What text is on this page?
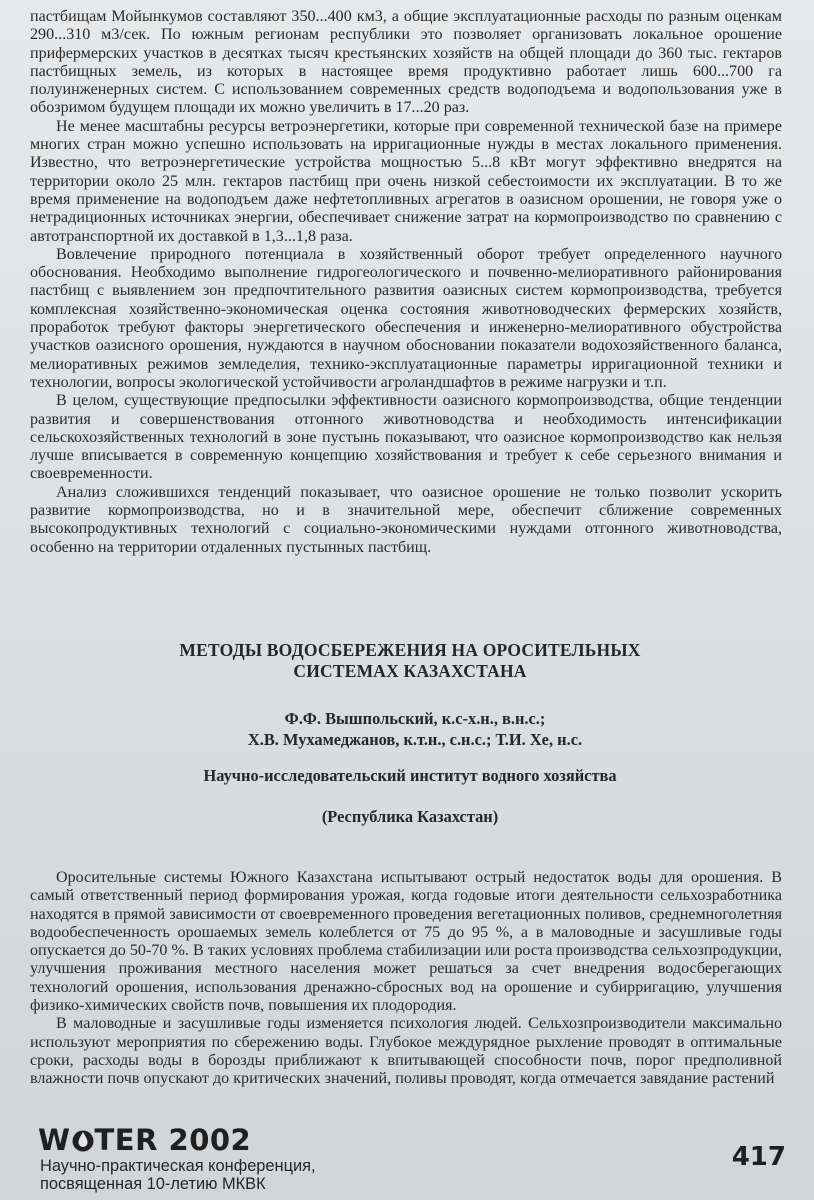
пастбищам Мойынкумов составляют 350...400 км3, а общие эксплуатационные расходы по разным оценкам 290...310 м3/сек. По южным регионам республики это позволяет организовать локальное орошение прифермерских участков в десятках тысяч крестьянских хозяйств на общей площади до 360 тыс. гектаров пастбищных земель, из которых в настоящее время продуктивно работает лишь 600...700 га полуинженерных систем. С использованием современных средств водоподъема и водопользования уже в обозримом будущем площади их можно увеличить в 17...20 раз.

Не менее масштабны ресурсы ветроэнергетики, которые при современной технической базе на примере многих стран можно успешно использовать на ирригационные нужды в местах локального применения. Известно, что ветроэнергетические устройства мощностью 5...8 кВт могут эффективно внедрятся на территории около 25 млн. гектаров пастбищ при очень низкой себестоимости их эксплуатации. В то же время применение на водоподъем даже нефтетопливных агрегатов в оазисном орошении, не говоря уже о нетрадиционных источниках энергии, обеспечивает снижение затрат на кормопроизводство по сравнению с автотранспортной их доставкой в 1,3...1,8 раза.

Вовлечение природного потенциала в хозяйственный оборот требует определенного научного обоснования. Необходимо выполнение гидрогеологического и почвенно-мелиоративного районирования пастбищ с выявлением зон предпочтительного развития оазисных систем кормопроизводства, требуется комплексная хозяйственно-экономическая оценка состояния животноводческих фермерских хозяйств, проработок требуют факторы энергетического обеспечения и инженерно-мелиоративного обустройства участков оазисного орошения, нуждаются в научном обосновании показатели водохозяйственного баланса, мелиоративных режимов земледелия, технико-эксплуатационные параметры ирригационной техники и технологии, вопросы экологической устойчивости агроландшафтов в режиме нагрузки и т.п.

В целом, существующие предпосылки эффективности оазисного кормопроизводства, общие тенденции развития и совершенствования отгонного животноводства и необходимость интенсификации сельскохозяйственных технологий в зоне пустынь показывают, что оазисное кормопроизводство как нельзя лучше вписывается в современную концепцию хозяйствования и требует к себе серьезного внимания и своевременности.

Анализ сложившихся тенденций показывает, что оазисное орошение не только позволит ускорить развитие кормопроизводства, но и в значительной мере, обеспечит сближение современных высокопродуктивных технологий с социально-экономическими нуждами отгонного животноводства, особенно на территории отдаленных пустынных пастбищ.

МЕТОДЫ ВОДОСБЕРЕЖЕНИЯ НА ОРОСИТЕЛЬНЫХ
СИСТЕМАХ КАЗАХСТАНА
Ф.Ф. Вышпольский, к.с-х.н., в.н.с.;
Х.В. Мухамеджанов, к.т.н., с.н.с.; Т.И. Хе, н.с.
Научно-исследовательский институт водного хозяйства
(Республика Казахстан)

Оросительные системы Южного Казахстана испытывают острый недостаток воды для орошения. В самый ответственный период формирования урожая, когда годовые итоги деятельности сельхозработника находятся в прямой зависимости от своевременного проведения вегетационных поливов, среднемноголетняя водообеспеченность орошаемых земель колеблется от 75 до 95 %, а в маловодные и засушливые годы опускается до 50-70 %. В таких условиях проблема стабилизации или роста производства сельхозпродукции, улучшения проживания местного населения может решаться за счет внедрения водосберегающих технологий орошения, использования дренажно-сбросных вод на орошение и субирригацию, улучшения физико-химических свойств почв, повышения их плодородия.

В маловодные и засушливые годы изменяется психология людей. Сельхозпроизводители максимально используют мероприятия по сбережению воды. Глубокое междурядное рыхление проводят в оптимальные сроки, расходы воды в борозды приближают к впитывающей способности почв, порог предполивной влажности почв опускают до критических значений, поливы проводят, когда отмечается завядание растений

W TER 2002
Научно-практическая конференция,
посвященная 10-летию МКВК
417
